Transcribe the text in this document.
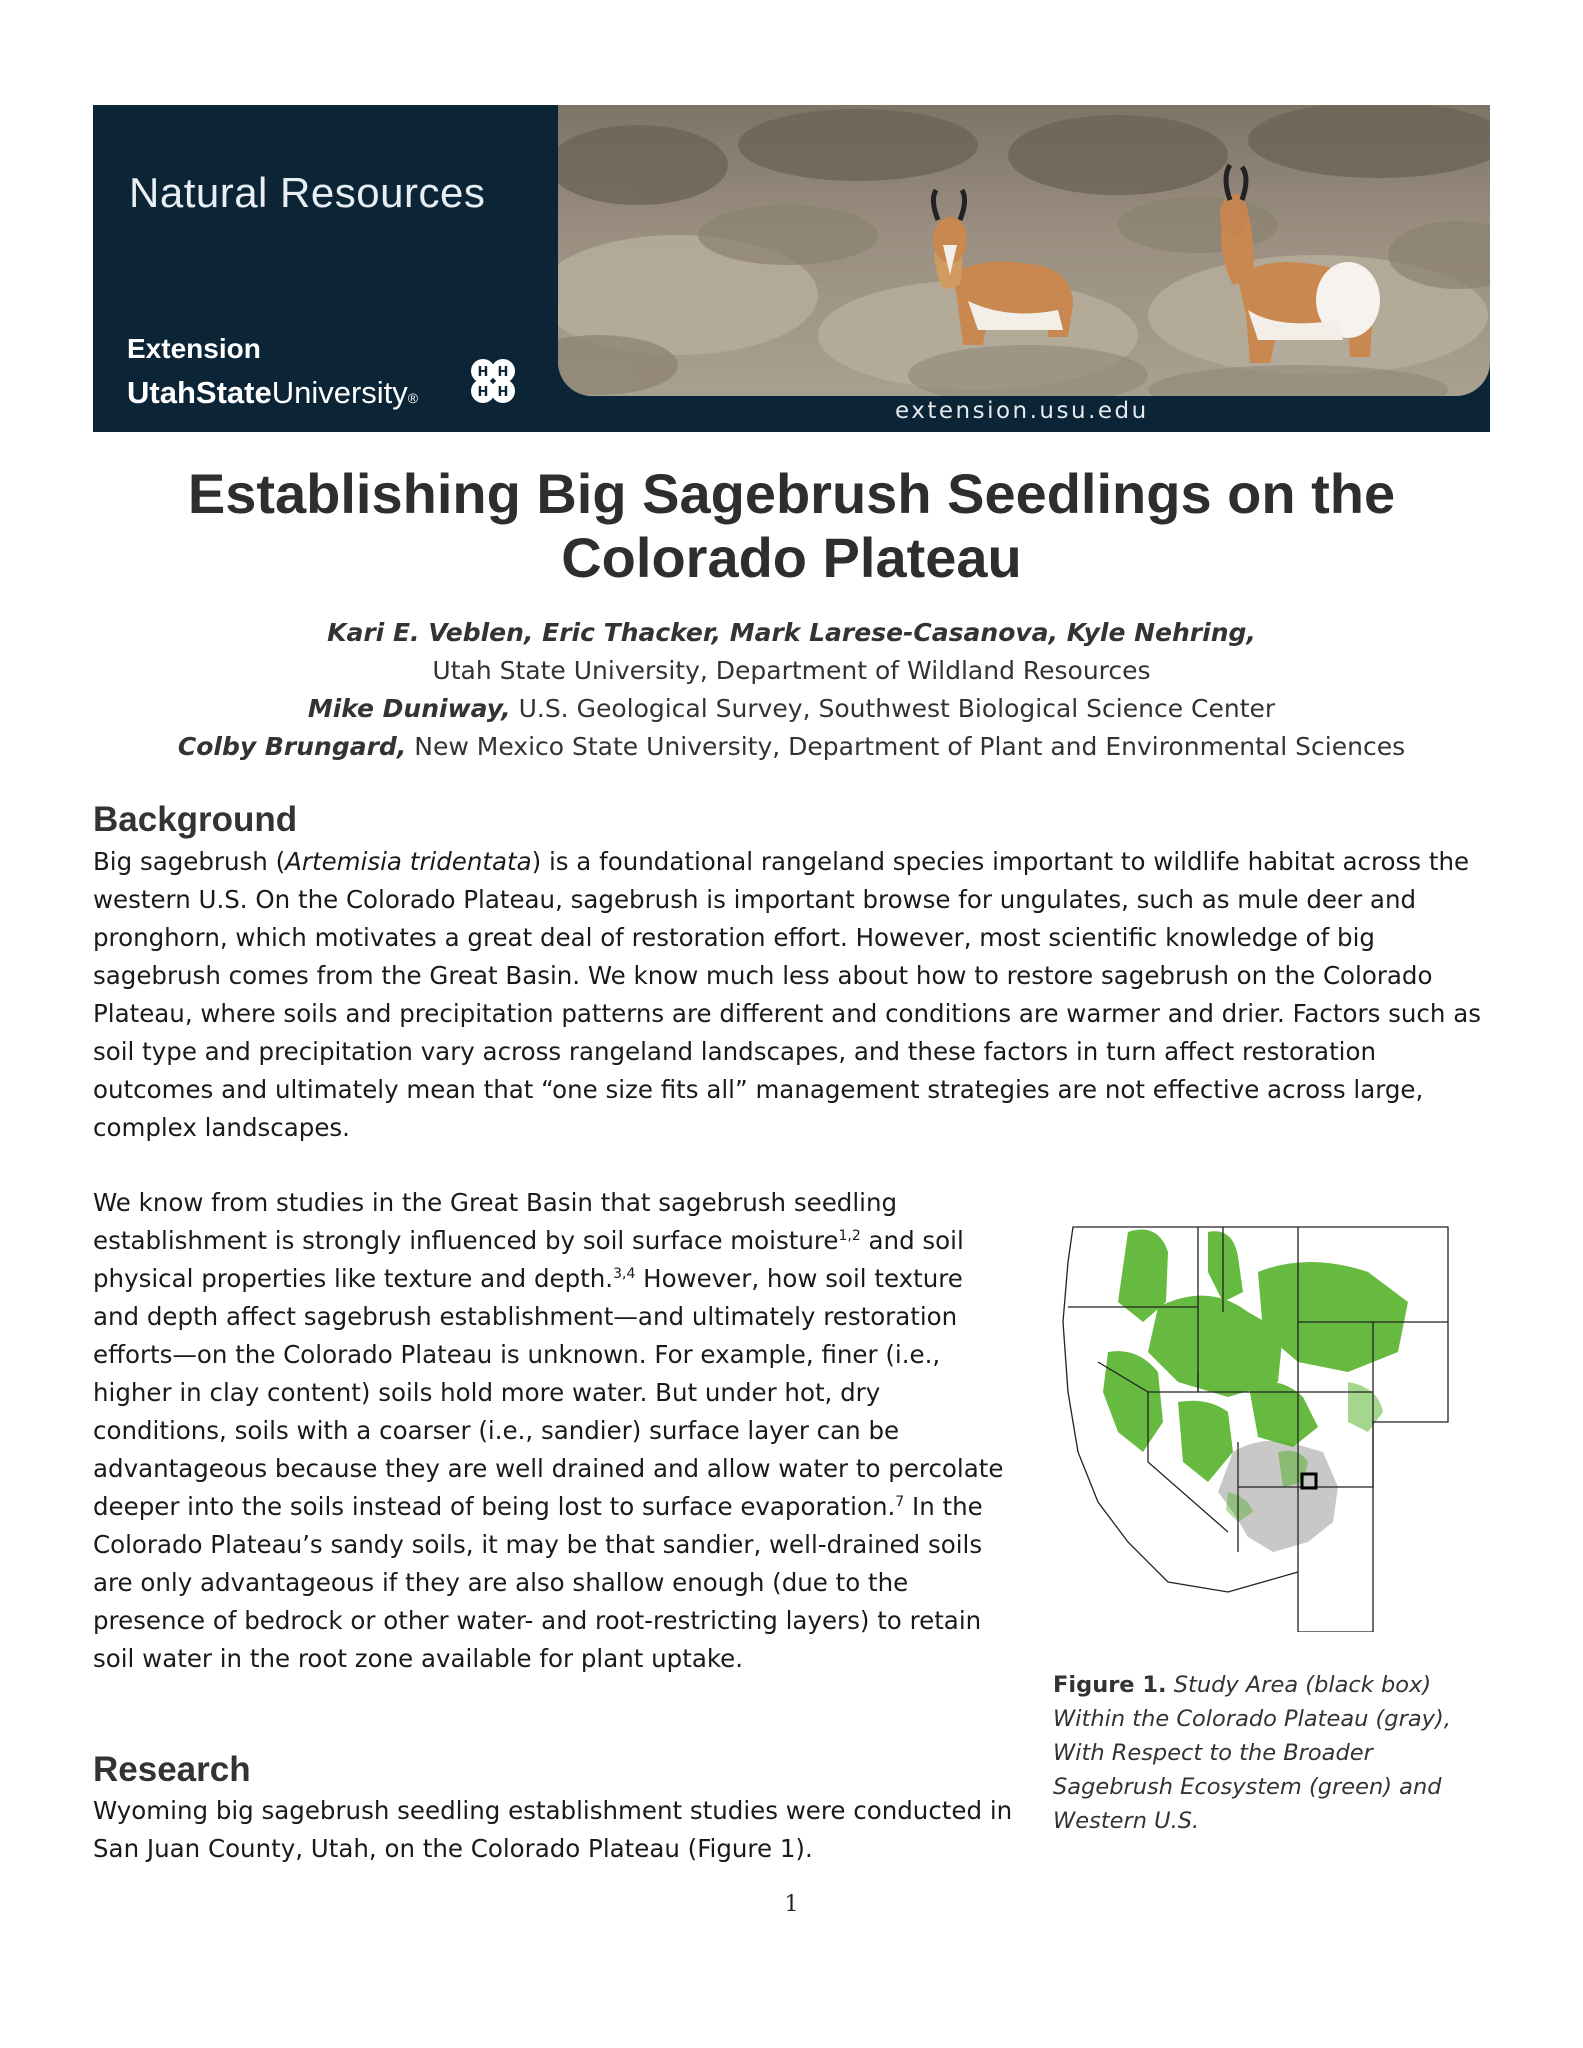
Natural Resources
Extension
UtahStateUniversity®
H H
H H
extension.usu.edu
Establishing Big Sagebrush Seedlings on the Colorado Plateau
Kari E. Veblen, Eric Thacker, Mark Larese-Casanova, Kyle Nehring,
Utah State University, Department of Wildland Resources
Mike Duniway, U.S. Geological Survey, Southwest Biological Science Center
Colby Brungard, New Mexico State University, Department of Plant and Environmental Sciences
Background

Big sagebrush (Artemisia tridentata) is a foundational rangeland species important to wildlife habitat across the western U.S. On the Colorado Plateau, sagebrush is important browse for ungulates, such as mule deer and pronghorn, which motivates a great deal of restoration effort. However, most scientific knowledge of big sagebrush comes from the Great Basin. We know much less about how to restore sagebrush on the Colorado Plateau, where soils and precipitation patterns are different and conditions are warmer and drier. Factors such as soil type and precipitation vary across rangeland landscapes, and these factors in turn affect restoration outcomes and ultimately mean that “one size fits all” management strategies are not effective across large, complex landscapes.

We know from studies in the Great Basin that sagebrush seedling establishment is strongly influenced by soil surface moisture$^{1,2}$ and soil physical properties like texture and depth.$^{3,4}$ However, how soil texture and depth affect sagebrush establishment—and ultimately restoration efforts—on the Colorado Plateau is unknown. For example, finer (i.e., higher in clay content) soils hold more water. But under hot, dry conditions, soils with a coarser (i.e., sandier) surface layer can be advantageous because they are well drained and allow water to percolate deeper into the soils instead of being lost to surface evaporation.$^7$ In the Colorado Plateau’s sandy soils, it may be that sandier, well-drained soils are only advantageous if they are also shallow enough (due to the presence of bedrock or other water- and root-restricting layers) to retain soil water in the root zone available for plant uptake.

Research

Wyoming big sagebrush seedling establishment studies were conducted in San Juan County, Utah, on the Colorado Plateau (Figure 1).

Figure 1. Study Area (black box) Within the Colorado Plateau (gray), With Respect to the Broader Sagebrush Ecosystem (green) and Western U.S.
1
